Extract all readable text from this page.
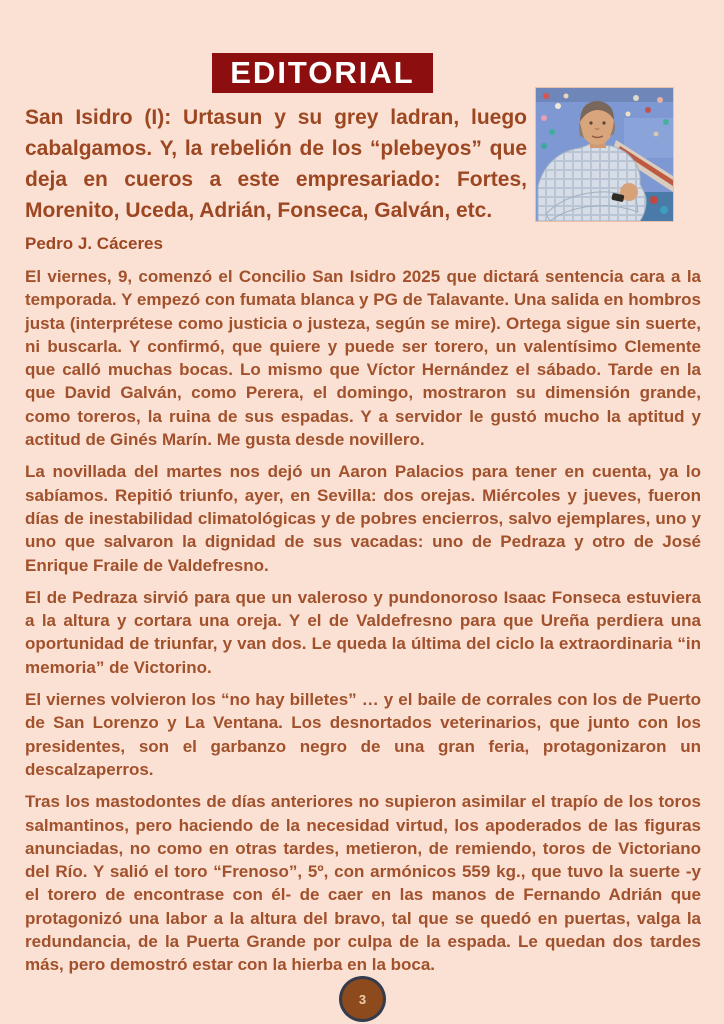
EDITORIAL
San Isidro (I): Urtasun y su grey ladran, luego cabalgamos. Y, la rebelión de los “plebeyos” que deja en cueros a este empresariado: Fortes, Morenito, Uceda, Adrián, Fonseca, Galván, etc.
Pedro J. Cáceres

El viernes, 9, comenzó el Concilio San Isidro 2025 que dictará sentencia cara a la temporada. Y empezó con fumata blanca y PG de Talavante. Una salida en hombros justa (interprétese como justicia o justeza, según se mire). Ortega sigue sin suerte, ni buscarla. Y confirmó, que quiere y puede ser torero, un valentísimo Clemente que calló muchas bocas. Lo mismo que Víctor Hernández el sábado. Tarde en la que David Galván, como Perera, el domingo, mostraron su dimensión grande, como toreros, la ruina de sus espadas. Y a servidor le gustó mucho la aptitud y actitud de Ginés Marín. Me gusta desde novillero.

La novillada del martes nos dejó un Aaron Palacios para tener en cuenta, ya lo sabíamos. Repitió triunfo, ayer, en Sevilla: dos orejas. Miércoles y jueves, fueron días de inestabilidad climatológicas y de pobres encierros, salvo ejemplares, uno y uno que salvaron la dignidad de sus vacadas: uno de Pedraza y otro de José Enrique Fraile de Valdefresno.

El de Pedraza sirvió para que un valeroso y pundonoroso Isaac Fonseca estuviera a la altura y cortara una oreja. Y el de Valdefresno para que Ureña perdiera una oportunidad de triunfar, y van dos. Le queda la última del ciclo la extraordinaria “in memoria” de Victorino.

El viernes volvieron los “no hay billetes” … y el baile de corrales con los de Puerto de San Lorenzo y La Ventana. Los desnortados veterinarios, que junto con los presidentes, son el garbanzo negro de una gran feria, protagonizaron un descalzaperros.

Tras los mastodontes de días anteriores no supieron asimilar el trapío de los toros salmantinos, pero haciendo de la necesidad virtud, los apoderados de las figuras anunciadas, no como en otras tardes, metieron, de remiendo, toros de Victoriano del Río. Y salió el toro “Frenoso”, 5º, con armónicos 559 kg., que tuvo la suerte -y el torero de encontrase con él- de caer en las manos de Fernando Adrián que protagonizó una labor a la altura del bravo, tal que se quedó en puertas, valga la redundancia, de la Puerta Grande por culpa de la espada. Le quedan dos tardes más, pero demostró estar con la hierba en la boca.

3
